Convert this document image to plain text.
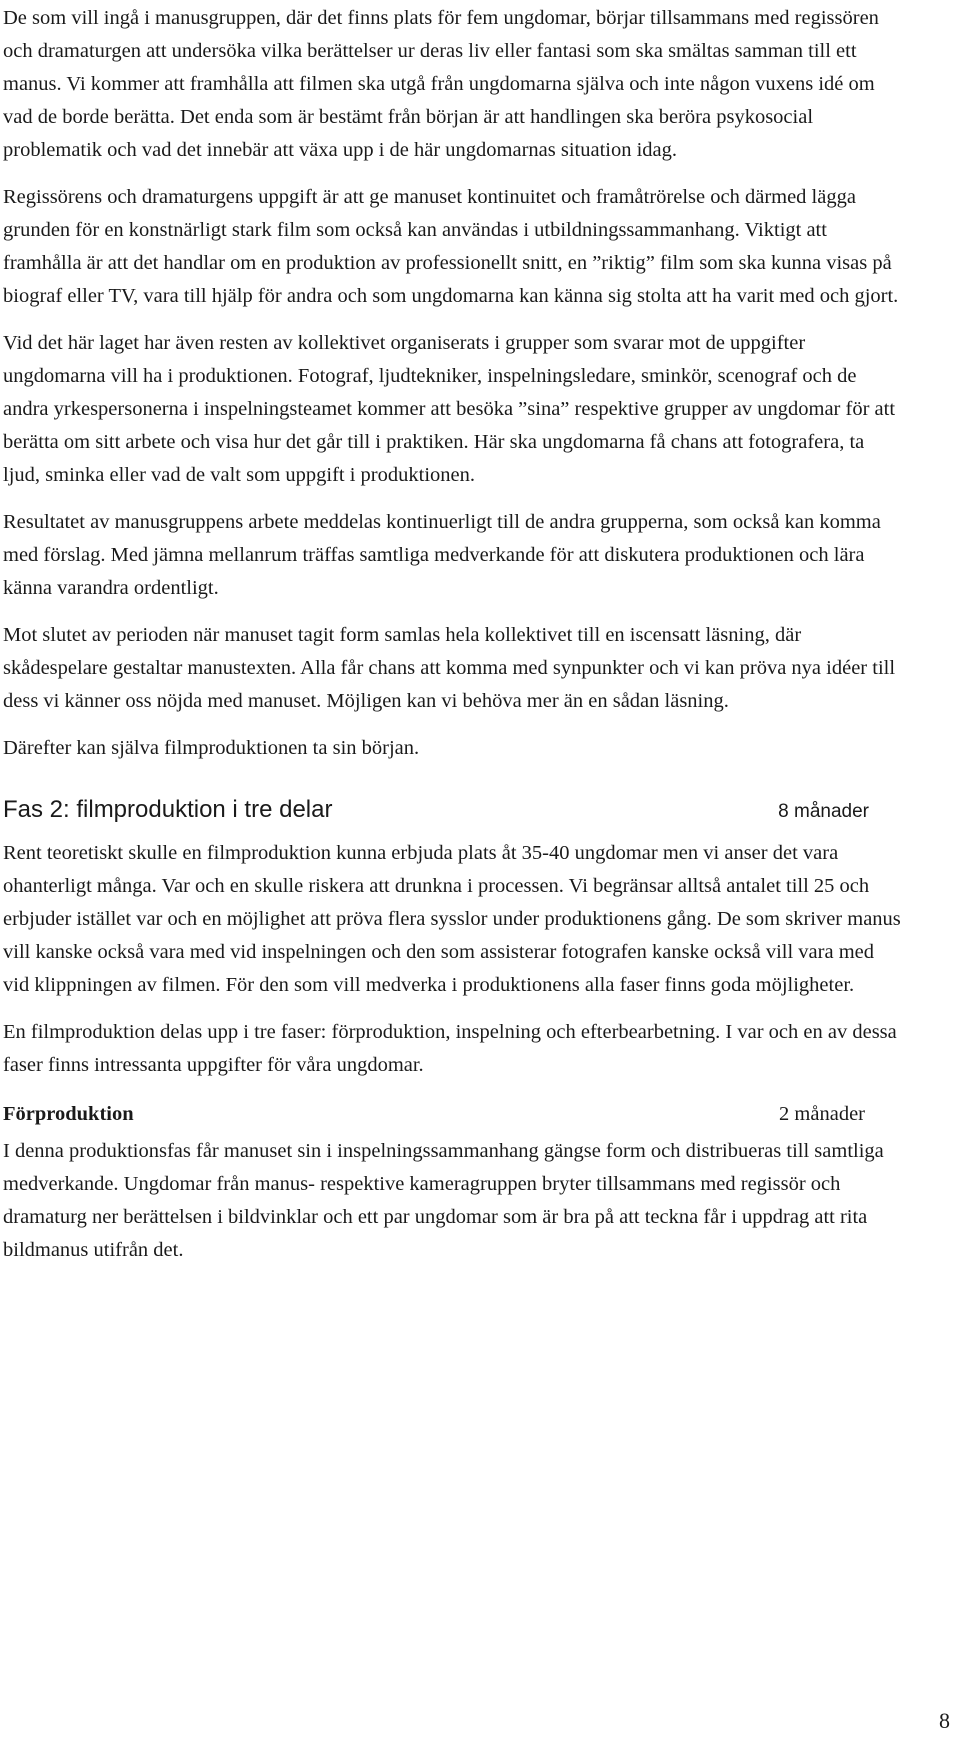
De som vill ingå i manusgruppen, där det finns plats för fem ungdomar, börjar tillsammans med regissören och dramaturgen att undersöka vilka berättelser ur deras liv eller fantasi som ska smältas samman till ett manus. Vi kommer att framhålla att filmen ska utgå från ungdomarna själva och inte någon vuxens idé om vad de borde berätta. Det enda som är bestämt från början är att handlingen ska beröra psykosocial problematik och vad det innebär att växa upp i de här ungdomarnas situation idag.

Regissörens och dramaturgens uppgift är att ge manuset kontinuitet och framåtrörelse och därmed lägga grunden för en konstnärligt stark film som också kan användas i utbildningssammanhang. Viktigt att framhålla är att det handlar om en produktion av professionellt snitt, en ”riktig” film som ska kunna visas på biograf eller TV, vara till hjälp för andra och som ungdomarna kan känna sig stolta att ha varit med och gjort.

Vid det här laget har även resten av kollektivet organiserats i grupper som svarar mot de uppgifter ungdomarna vill ha i produktionen. Fotograf, ljudtekniker, inspelningsledare, sminkör, scenograf och de andra yrkespersonerna i inspelningsteamet kommer att besöka ”sina” respektive grupper av ungdomar för att berätta om sitt arbete och visa hur det går till i praktiken. Här ska ungdomarna få chans att fotografera, ta ljud, sminka eller vad de valt som uppgift i produktionen.

Resultatet av manusgruppens arbete meddelas kontinuerligt till de andra grupperna, som också kan komma med förslag. Med jämna mellanrum träffas samtliga medverkande för att diskutera produktionen och lära känna varandra ordentligt.

Mot slutet av perioden när manuset tagit form samlas hela kollektivet till en iscensatt läsning, där skådespelare gestaltar manustexten. Alla får chans att komma med synpunkter och vi kan pröva nya idéer till dess vi känner oss nöjda med manuset. Möjligen kan vi behöva mer än en sådan läsning.

Därefter kan själva filmproduktionen ta sin början.

Fas 2: filmproduktion i tre delar	8 månader

Rent teoretiskt skulle en filmproduktion kunna erbjuda plats åt 35-40 ungdomar men vi anser det vara ohanterligt många. Var och en skulle riskera att drunkna i processen. Vi begränsar alltså antalet till 25 och erbjuder istället var och en möjlighet att pröva flera sysslor under produktionens gång. De som skriver manus vill kanske också vara med vid inspelningen och den som assisterar fotografen kanske också vill vara med vid klippningen av filmen. För den som vill medverka i produktionens alla faser finns goda möjligheter.

En filmproduktion delas upp i tre faser: förproduktion, inspelning och efterbearbetning. I var och en av dessa faser finns intressanta uppgifter för våra ungdomar.

Förproduktion	2 månader

I denna produktionsfas får manuset sin i inspelningssammanhang gängse form och distribueras till samtliga medverkande. Ungdomar från manus- respektive kameragruppen bryter tillsammans med regissör och dramaturg ner berättelsen i bildvinklar och ett par ungdomar som är bra på att teckna får i uppdrag att rita bildmanus utifrån det.

8
